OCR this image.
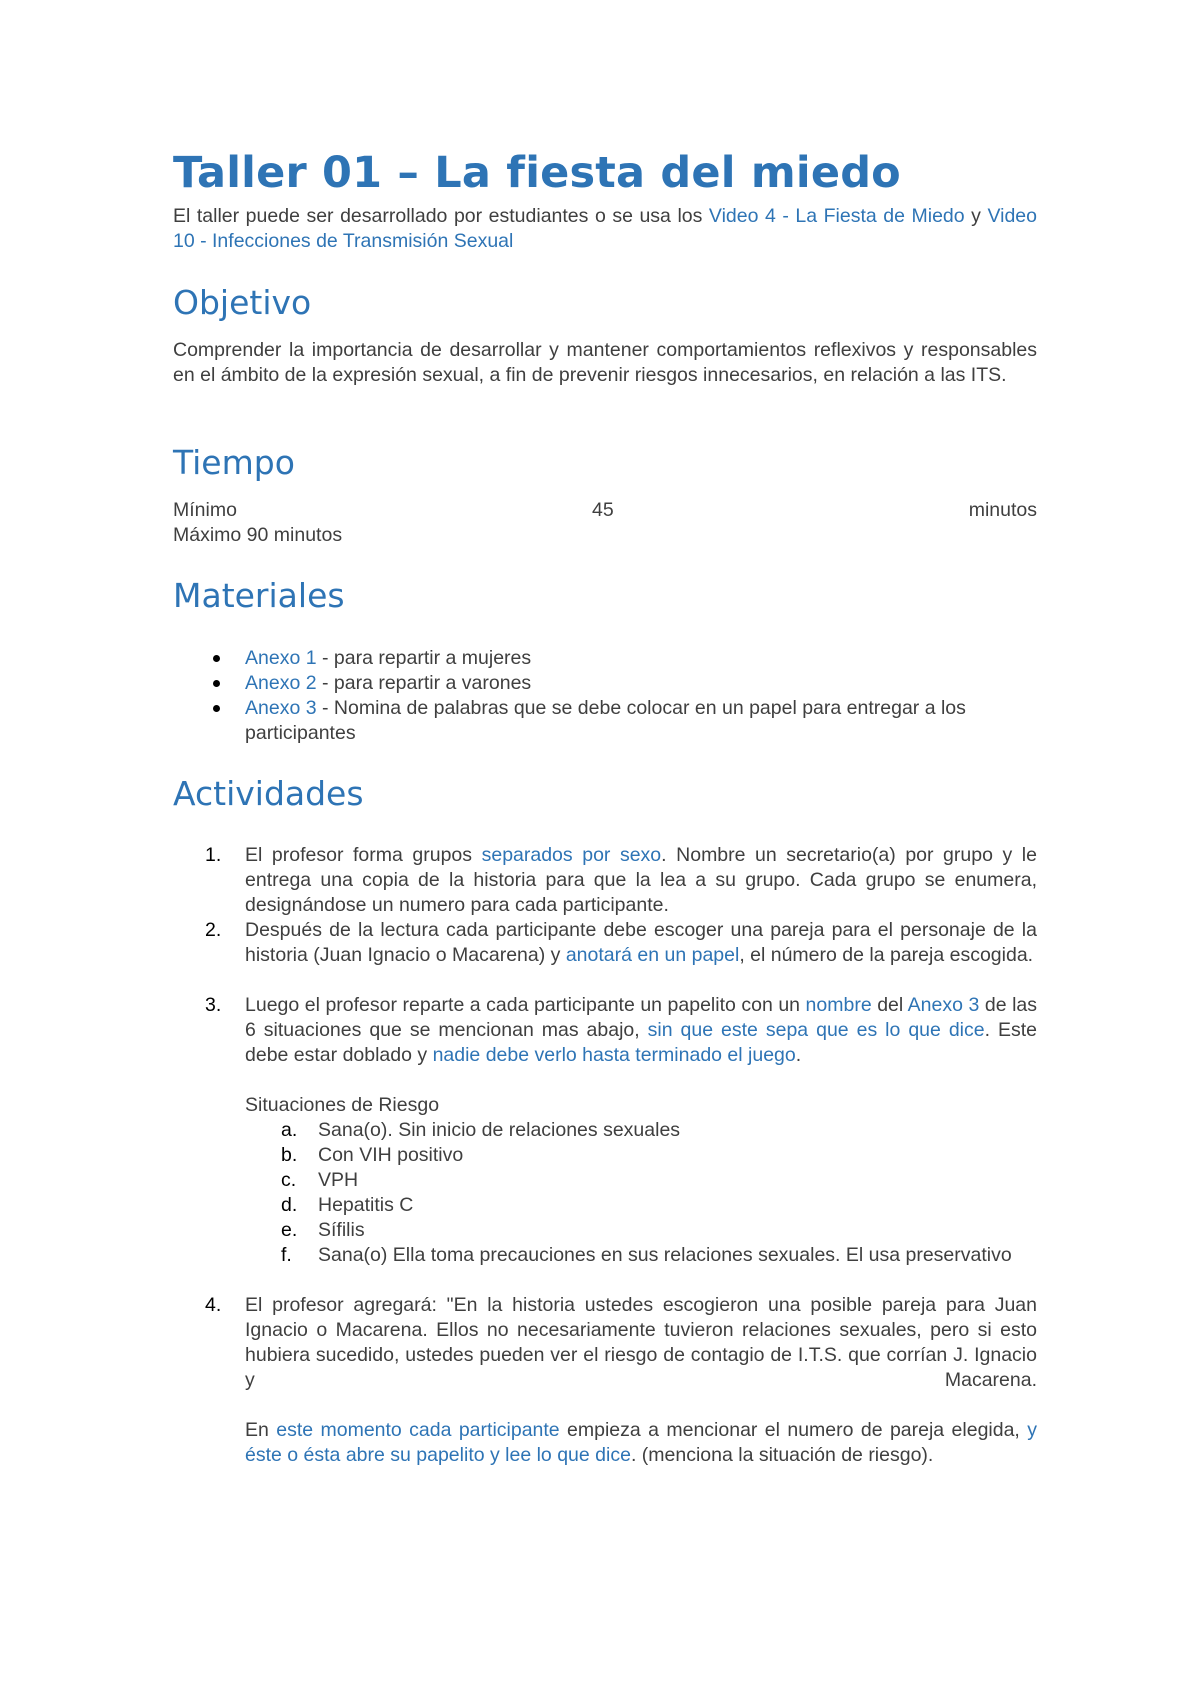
Taller 01 – La fiesta del miedo

El taller puede ser desarrollado por estudiantes o se usa los Video 4 - La Fiesta de Miedo y Video 10 - Infecciones de Transmisión Sexual

Objetivo

Comprender la importancia de desarrollar y mantener comportamientos reflexivos y responsables en el ámbito de la expresión sexual, a fin de prevenir riesgos innecesarios, en relación a las ITS.

Tiempo
Mínimo	45	minutos
Máximo 90 minutos
Materiales
Anexo 1 - para repartir a mujeres
Anexo 2 - para repartir a varones
Anexo 3 - Nomina de palabras que se debe colocar en un papel para entregar a los participantes
Actividades
1. El profesor forma grupos separados por sexo. Nombre un secretario(a) por grupo y le entrega una copia de la historia para que la lea a su grupo. Cada grupo se enumera, designándose un numero para cada participante.
2. Después de la lectura cada participante debe escoger una pareja para el personaje de la historia (Juan Ignacio o Macarena) y anotará en un papel, el número de la pareja escogida.
3. Luego el profesor reparte a cada participante un papelito con un nombre del Anexo 3 de las 6 situaciones que se mencionan mas abajo, sin que este sepa que es lo que dice. Este debe estar doblado y nadie debe verlo hasta terminado el juego.
Situaciones de Riesgo
a. Sana(o). Sin inicio de relaciones sexuales
b. Con VIH positivo
c. VPH
d. Hepatitis C
e. Sífilis
f. Sana(o) Ella toma precauciones en sus relaciones sexuales. El usa preservativo
4. El profesor agregará: "En la historia ustedes escogieron una posible pareja para Juan Ignacio o Macarena. Ellos no necesariamente tuvieron relaciones sexuales, pero si esto hubiera sucedido, ustedes pueden ver el riesgo de contagio de I.T.S. que corrían J. Ignacio y Macarena.
En este momento cada participante empieza a mencionar el numero de pareja elegida, y éste o ésta abre su papelito y lee lo que dice. (menciona la situación de riesgo).
